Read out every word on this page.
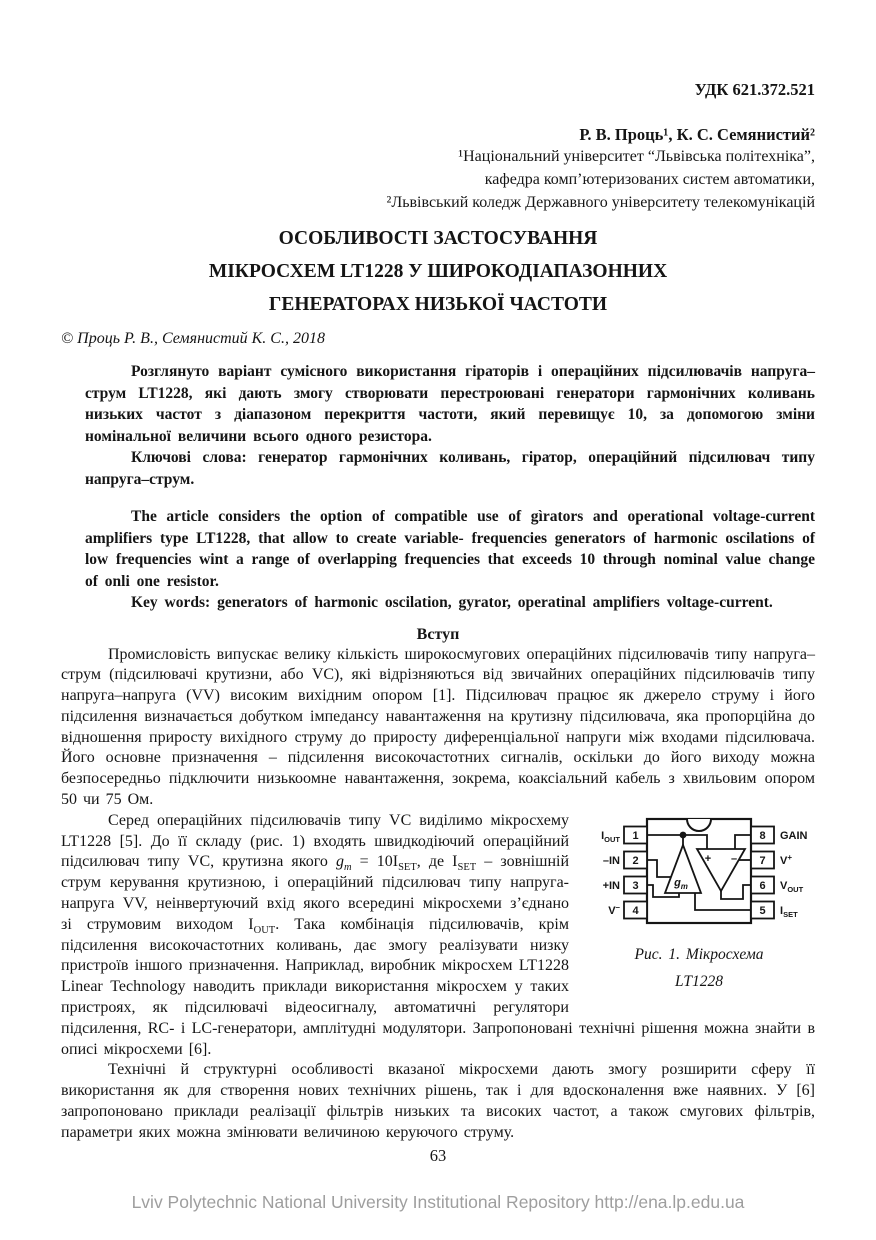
УДК 621.372.521
Р. В. Проць¹, К. С. Семянистий²
¹Національний університет “Львівська політехніка”,
кафедра комп’ютеризованих систем автоматики,
²Львівський коледж Державного університету телекомунікацій
ОСОБЛИВОСТІ ЗАСТОСУВАННЯ
МІКРОСХЕМ LT1228 У ШИРОКОДІАПАЗОННИХ
ГЕНЕРАТОРАХ НИЗЬКОЇ ЧАСТОТИ
© Проць Р. В., Семянистий К. С., 2018

Розглянуто варіант сумісного використання гіраторів і операційних підсилювачів напруга–струм LT1228, які дають змогу створювати перестроювані генератори гармонічних коливань низьких частот з діапазоном перекриття частоти, який перевищує 10, за допомогою зміни номінальної величини всього одного резистора.

Ключові слова: генератор гармонічних коливань, гіратор, операційний підсилювач типу напруга–струм.

The article considers the option of compatible use of gìrators and operational voltage-current amplifiers type LT1228, that allow to create variable- frequencies generators of harmonic oscilations of low frequencies wint a range of overlapping frequencies that exceeds 10 through nominal value change of onli one resistor.

Key words: generators of harmonic oscilation, gyrator, operatinal amplifiers voltage-current.

Вступ

Промисловість випускає велику кількість широкосмугових операційних підсилювачів типу напруга–струм (підсилювачі крутизни, або VC), які відрізняються від звичайних операційних підсилювачів типу напруга–напруга (VV) високим вихідним опором [1]. Підсилювач працює як джерело струму і його підсилення визначається добутком імпедансу навантаження на крутизну підсилювача, яка пропорційна до відношення приросту вихідного струму до приросту диференціальної напруги між входами підсилювача. Його основне призначення – підсилення високочастотних сигналів, оскільки до його виходу можна безпосередньо підключити низькоомне навантаження, зокрема, коаксіальний кабель з хвильовим опором 50 чи 75 Ом.

$g_m$
+ –
1
2
3
4
$I_{OUT}$
–IN
+IN
V–
8
7
6
5
GAIN
V+
$V_{OUT}$
$I_{SET}$
Рис. 1. Мікросхема
LT1228
Серед операційних підсилювачів типу VC виділимо мікросхему LT1228 [5]. До її складу (рис. 1) входять швидкодіючий операційний підсилювач типу VC, крутизна якого $g_m = 10I_{SET}$, де $I_{SET}$ – зовнішній струм керування крутизною, і операційний підсилювач типу напруга-напруга VV, неінвертуючий вхід якого всередині мікросхеми з’єднано зі струмовим виходом $I_{OUT}$. Така комбінація підсилювачів, крім підсилення високочастотних коливань, дає змогу реалізувати низку пристроїв іншого призначення. Наприклад, виробник мікросхем LT1228 Linear Technology наводить приклади використання мікросхем у таких пристроях, як підсилювачі відеосигналу, автоматичні регулятори підсилення, RC- і LC-генератори, амплітудні модулятори. Запропоновані технічні рішення можна знайти в описі мікросхеми [6].

Технічні й структурні особливості вказаної мікросхеми дають змогу розширити сферу її використання як для створення нових технічних рішень, так і для вдосконалення вже наявних. У [6] запропоновано приклади реалізації фільтрів низьких та високих частот, а також смугових фільтрів, параметри яких можна змінювати величиною керуючого струму.

63
Lviv Polytechnic National University Institutional Repository http://ena.lp.edu.ua
